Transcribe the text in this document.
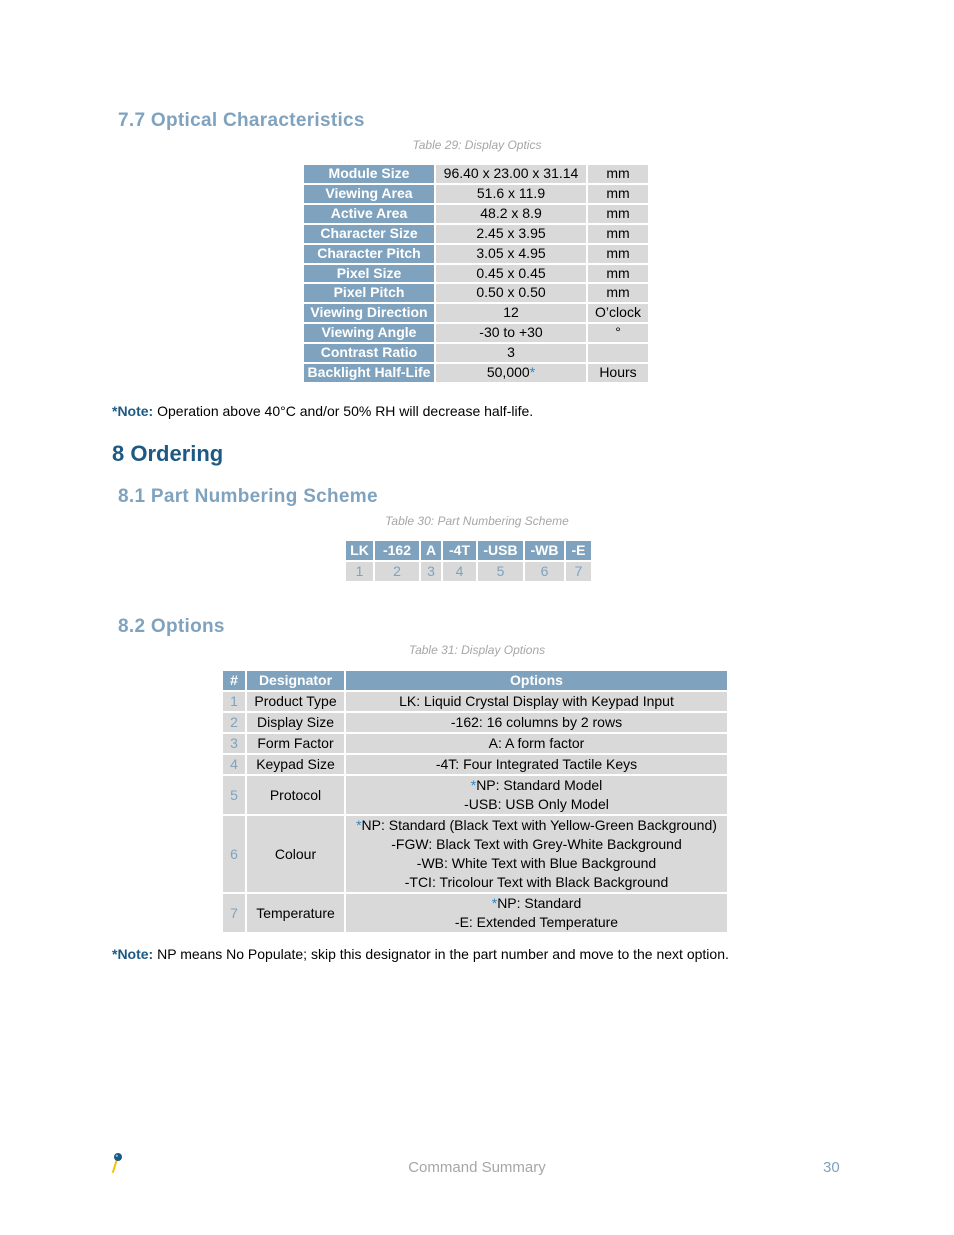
7.7 Optical Characteristics
Table 29: Display Optics
Module Size	96.40 x 23.00 x 31.14	mm
Viewing Area	51.6 x 11.9	mm
Active Area	48.2 x 8.9	mm
Character Size	2.45 x 3.95	mm
Character Pitch	3.05 x 4.95	mm
Pixel Size	0.45 x 0.45	mm
Pixel Pitch	0.50 x 0.50	mm
Viewing Direction	12	O’clock
Viewing Angle	-30 to +30	°
Contrast Ratio	3	
Backlight Half-Life	50,000*	Hours
*Note: Operation above 40°C and/or 50% RH will decrease half-life.
8 Ordering
8.1 Part Numbering Scheme
Table 30: Part Numbering Scheme
LK	-162	A	-4T	-USB	-WB	-E
1	2	3	4	5	6	7
8.2 Options
Table 31: Display Options
#	Designator	Options
1	Product Type	LK: Liquid Crystal Display with Keypad Input

2	Display Size	-162: 16 columns by 2 rows

3	Form Factor	A: A form factor

4	Keypad Size	-4T: Four Integrated Tactile Keys

5	Protocol	*NP: Standard Model
-USB: USB Only Model

6	Colour	*NP: Standard (Black Text with Yellow-Green Background)
-FGW: Black Text with Grey-White Background
-WB: White Text with Blue Background
-TCI: Tricolour Text with Black Background

7	Temperature	*NP: Standard
-E: Extended Temperature
*Note: NP means No Populate; skip this designator in the part number and move to the next option.
Command Summary	30
